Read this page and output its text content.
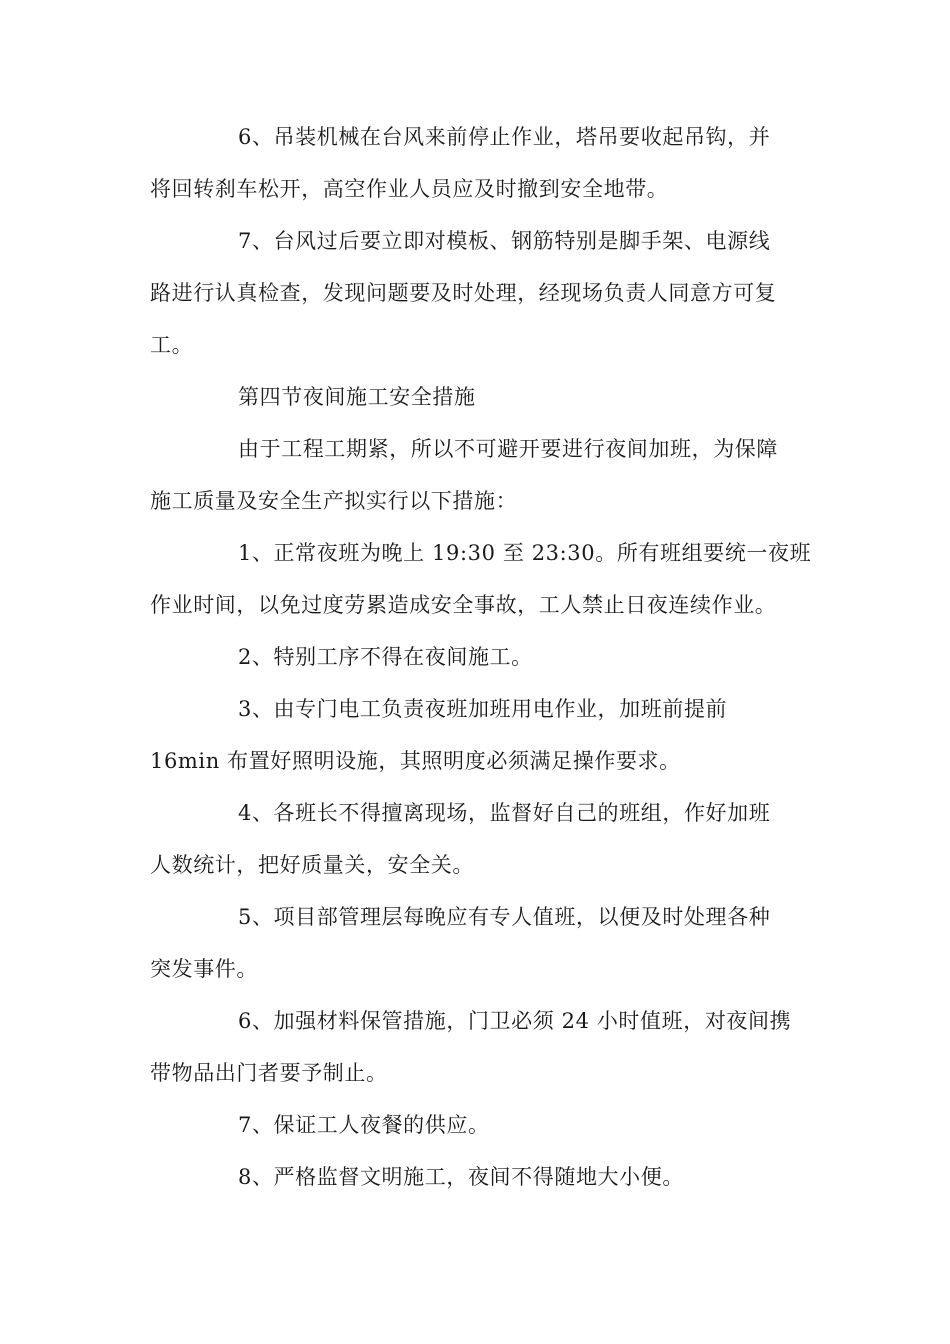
6、吊装机械在台风来前停止作业，塔吊要收起吊钩，并
将回转刹车松开，高空作业人员应及时撤到安全地带。
7、台风过后要立即对模板、钢筋特别是脚手架、电源线
路进行认真检查，发现问题要及时处理，经现场负责人同意方可复
工。
第四节夜间施工安全措施
由于工程工期紧，所以不可避开要进行夜间加班，为保障
施工质量及安全生产拟实行以下措施：
1、正常夜班为晚上 19:30 至 23:30。所有班组要统一夜班
作业时间，以免过度劳累造成安全事故，工人禁止日夜连续作业。
2、特别工序不得在夜间施工。
3、由专门电工负责夜班加班用电作业，加班前提前
16min 布置好照明设施，其照明度必须满足操作要求。
4、各班长不得擅离现场，监督好自己的班组，作好加班
人数统计，把好质量关，安全关。
5、项目部管理层每晚应有专人值班，以便及时处理各种
突发事件。
6、加强材料保管措施，门卫必须 24 小时值班，对夜间携
带物品出门者要予制止。
7、保证工人夜餐的供应。
8、严格监督文明施工，夜间不得随地大小便。
